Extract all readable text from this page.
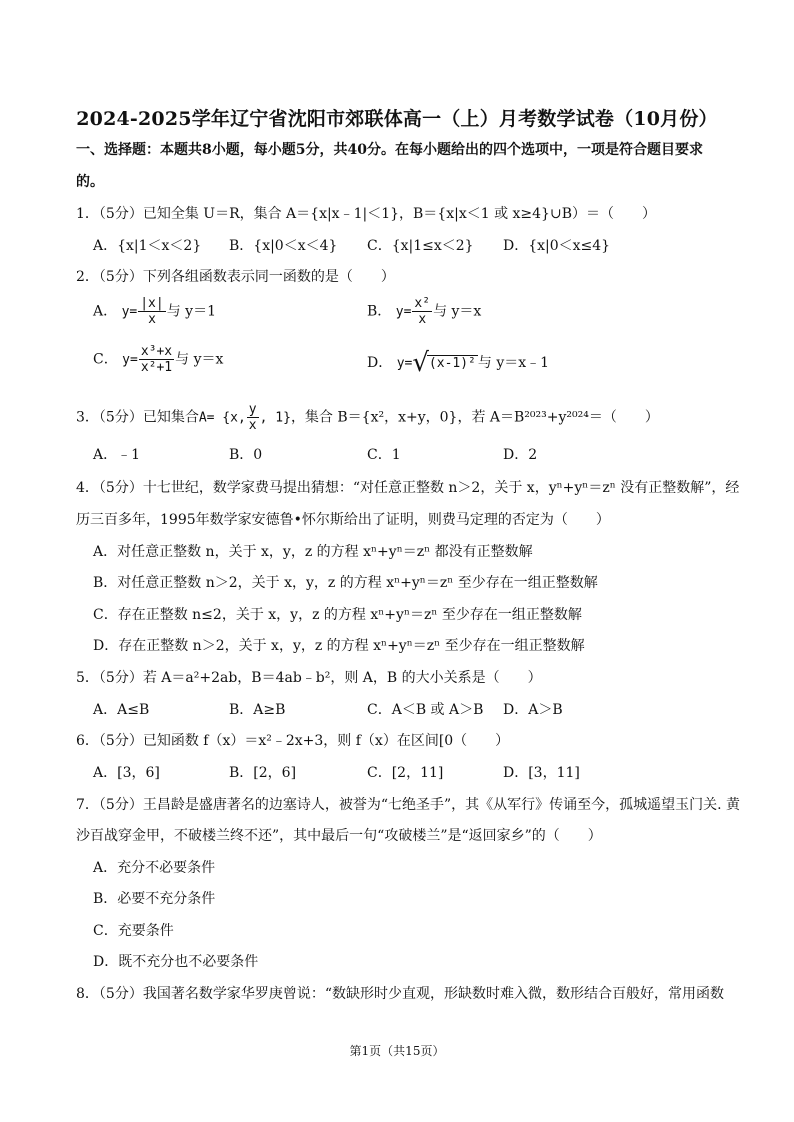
2024-2025学年辽宁省沈阳市郊联体高一（上）月考数学试卷（10月份）
一、选择题：本题共8小题，每小题5分，共40分。在每小题给出的四个选项中，一项是符合题目要求
的。
1．（5分）已知全集 U＝R，集合 A＝{x|x﹣1|＜1}，B＝{x|x＜1 或 x≥4}∪B）＝（　　）
A．{x|1＜x＜2} B．{x|0＜x＜4} C．{x|1≤x＜2} D．{x|0＜x≤4}
2．（5分）下列各组函数表示同一函数的是（　　）
A． $y= \frac{|x|}{x}$ 与 y＝1	B． $y= \frac{\text{x²}}{x}$ 与 y＝x
C． $y= \frac{\text{x³+x}}{\text{x²+1}}$ 与 y＝x	D． y=√(x-1)² 与 y＝x﹣1
3．（5分）已知集合A= {x, $\frac{y}{x}$ , 1}，集合 B＝{x²，x+y，0}，若 A＝B²⁰²³+y²⁰²⁴＝（　　）
A．﹣1	B．0	C．1	D．2
4．（5分）十七世纪，数学家费马提出猜想：“对任意正整数 n＞2，关于 x，yⁿ+yⁿ＝zⁿ 没有正整数解”，经
历三百多年，1995年数学家安德鲁•怀尔斯给出了证明，则费马定理的否定为（　　）
A．对任意正整数 n，关于 x，y，z 的方程 xⁿ+yⁿ＝zⁿ 都没有正整数解
B．对任意正整数 n＞2，关于 x，y，z 的方程 xⁿ+yⁿ＝zⁿ 至少存在一组正整数解
C．存在正整数 n≤2，关于 x，y，z 的方程 xⁿ+yⁿ＝zⁿ 至少存在一组正整数解
D．存在正整数 n＞2，关于 x，y，z 的方程 xⁿ+yⁿ＝zⁿ 至少存在一组正整数解
5．（5分）若 A＝a²+2ab，B＝4ab﹣b²，则 A，B 的大小关系是（　　）
A．A≤B	B．A≥B	C．A＜B 或 A＞B D．A＞B
6．（5分）已知函数 f（x）＝x²﹣2x+3，则 f（x）在区间[0（　　）
A．[3，6]	B．[2，6]	C．[2，11]	D．[3，11]
7．（5分）王昌龄是盛唐著名的边塞诗人，被誉为“七绝圣手”，其《从军行》传诵至今，孤城遥望玉门关. 黄
沙百战穿金甲，不破楼兰终不还”，其中最后一句“攻破楼兰”是“返回家乡”的（　　）
A．充分不必要条件
B．必要不充分条件
C．充要条件
D．既不充分也不必要条件
8．（5分）我国著名数学家华罗庚曾说：“数缺形时少直观，形缺数时难入微，数形结合百般好，常用函数
第1页（共15页）
